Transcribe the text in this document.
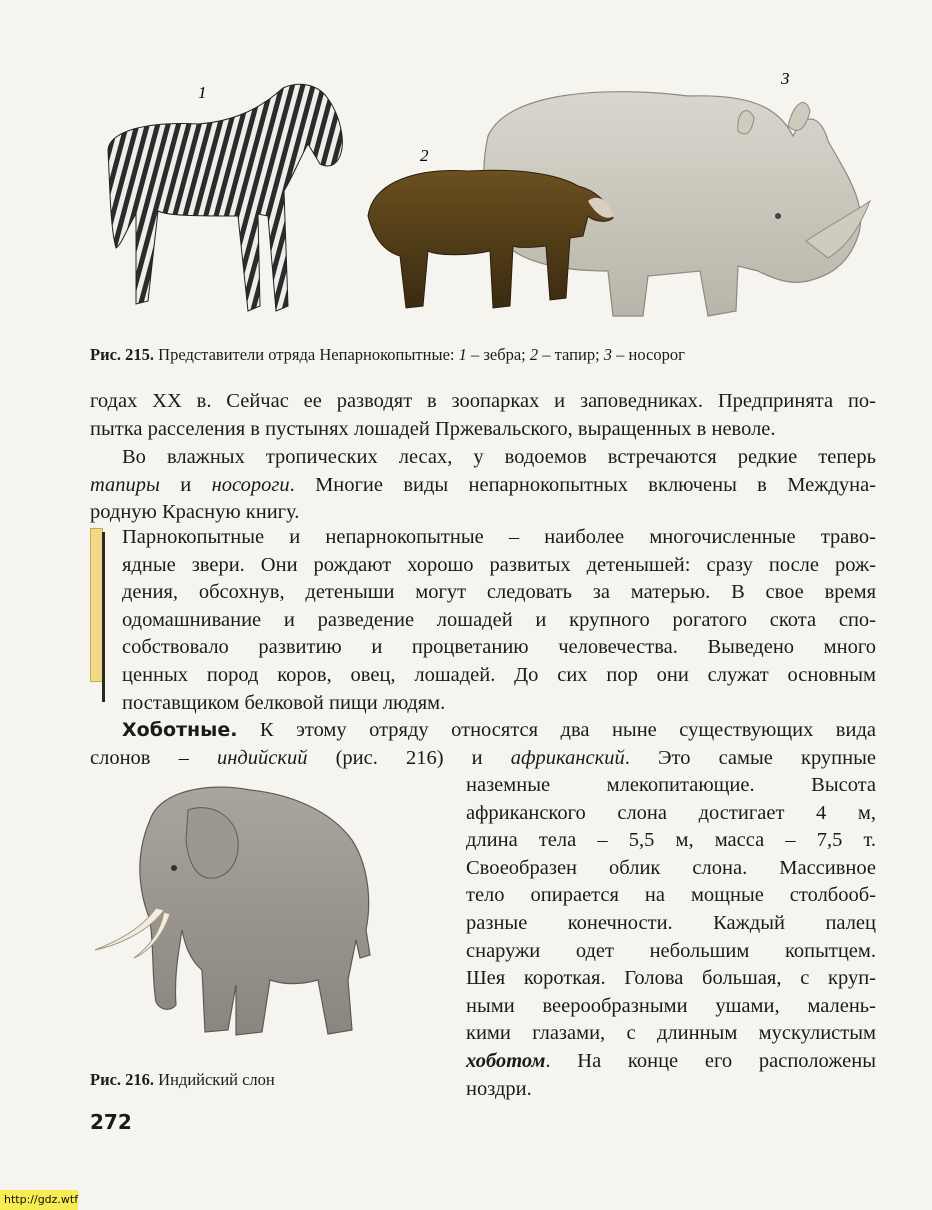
1
2
3
Рис. 215. Представители отряда Непарнокопытные: 1 – зебра; 2 – тапир; 3 – носорог
годах XX в. Сейчас ее разводят в зоопарках и заповедниках. Предпринята по-
пытка расселения в пустынях лошадей Пржевальского, выращенных в неволе.
Во влажных тропических лесах, у водоемов встречаются редкие теперь
тапиры и носороги. Многие виды непарнокопытных включены в Междуна-
родную Красную книгу.
Парнокопытные и непарнокопытные – наиболее многочисленные траво-
ядные звери. Они рождают хорошо развитых детенышей: сразу после рож-
дения, обсохнув, детеныши могут следовать за матерью. В свое время
одомашнивание и разведение лошадей и крупного рогатого скота спо-
собствовало развитию и процветанию человечества. Выведено много
ценных пород коров, овец, лошадей. До сих пор они служат основным
поставщиком белковой пищи людям.
Хоботные. К этому отряду относятся два ныне существующих вида
слонов – индийский (рис. 216) и африканский. Это самые крупные
наземные млекопитающие. Высота
африканского слона достигает 4 м,
длина тела – 5,5 м, масса – 7,5 т.
Своеобразен облик слона. Массивное
тело опирается на мощные столбооб-
разные конечности. Каждый палец
снаружи одет небольшим копытцем.
Шея короткая. Голова большая, с круп-
ными веерообразными ушами, малень-
кими глазами, с длинным мускулистым
хоботом. На конце его расположены
ноздри.
Рис. 216. Индийский слон
272
http://gdz.wtf
